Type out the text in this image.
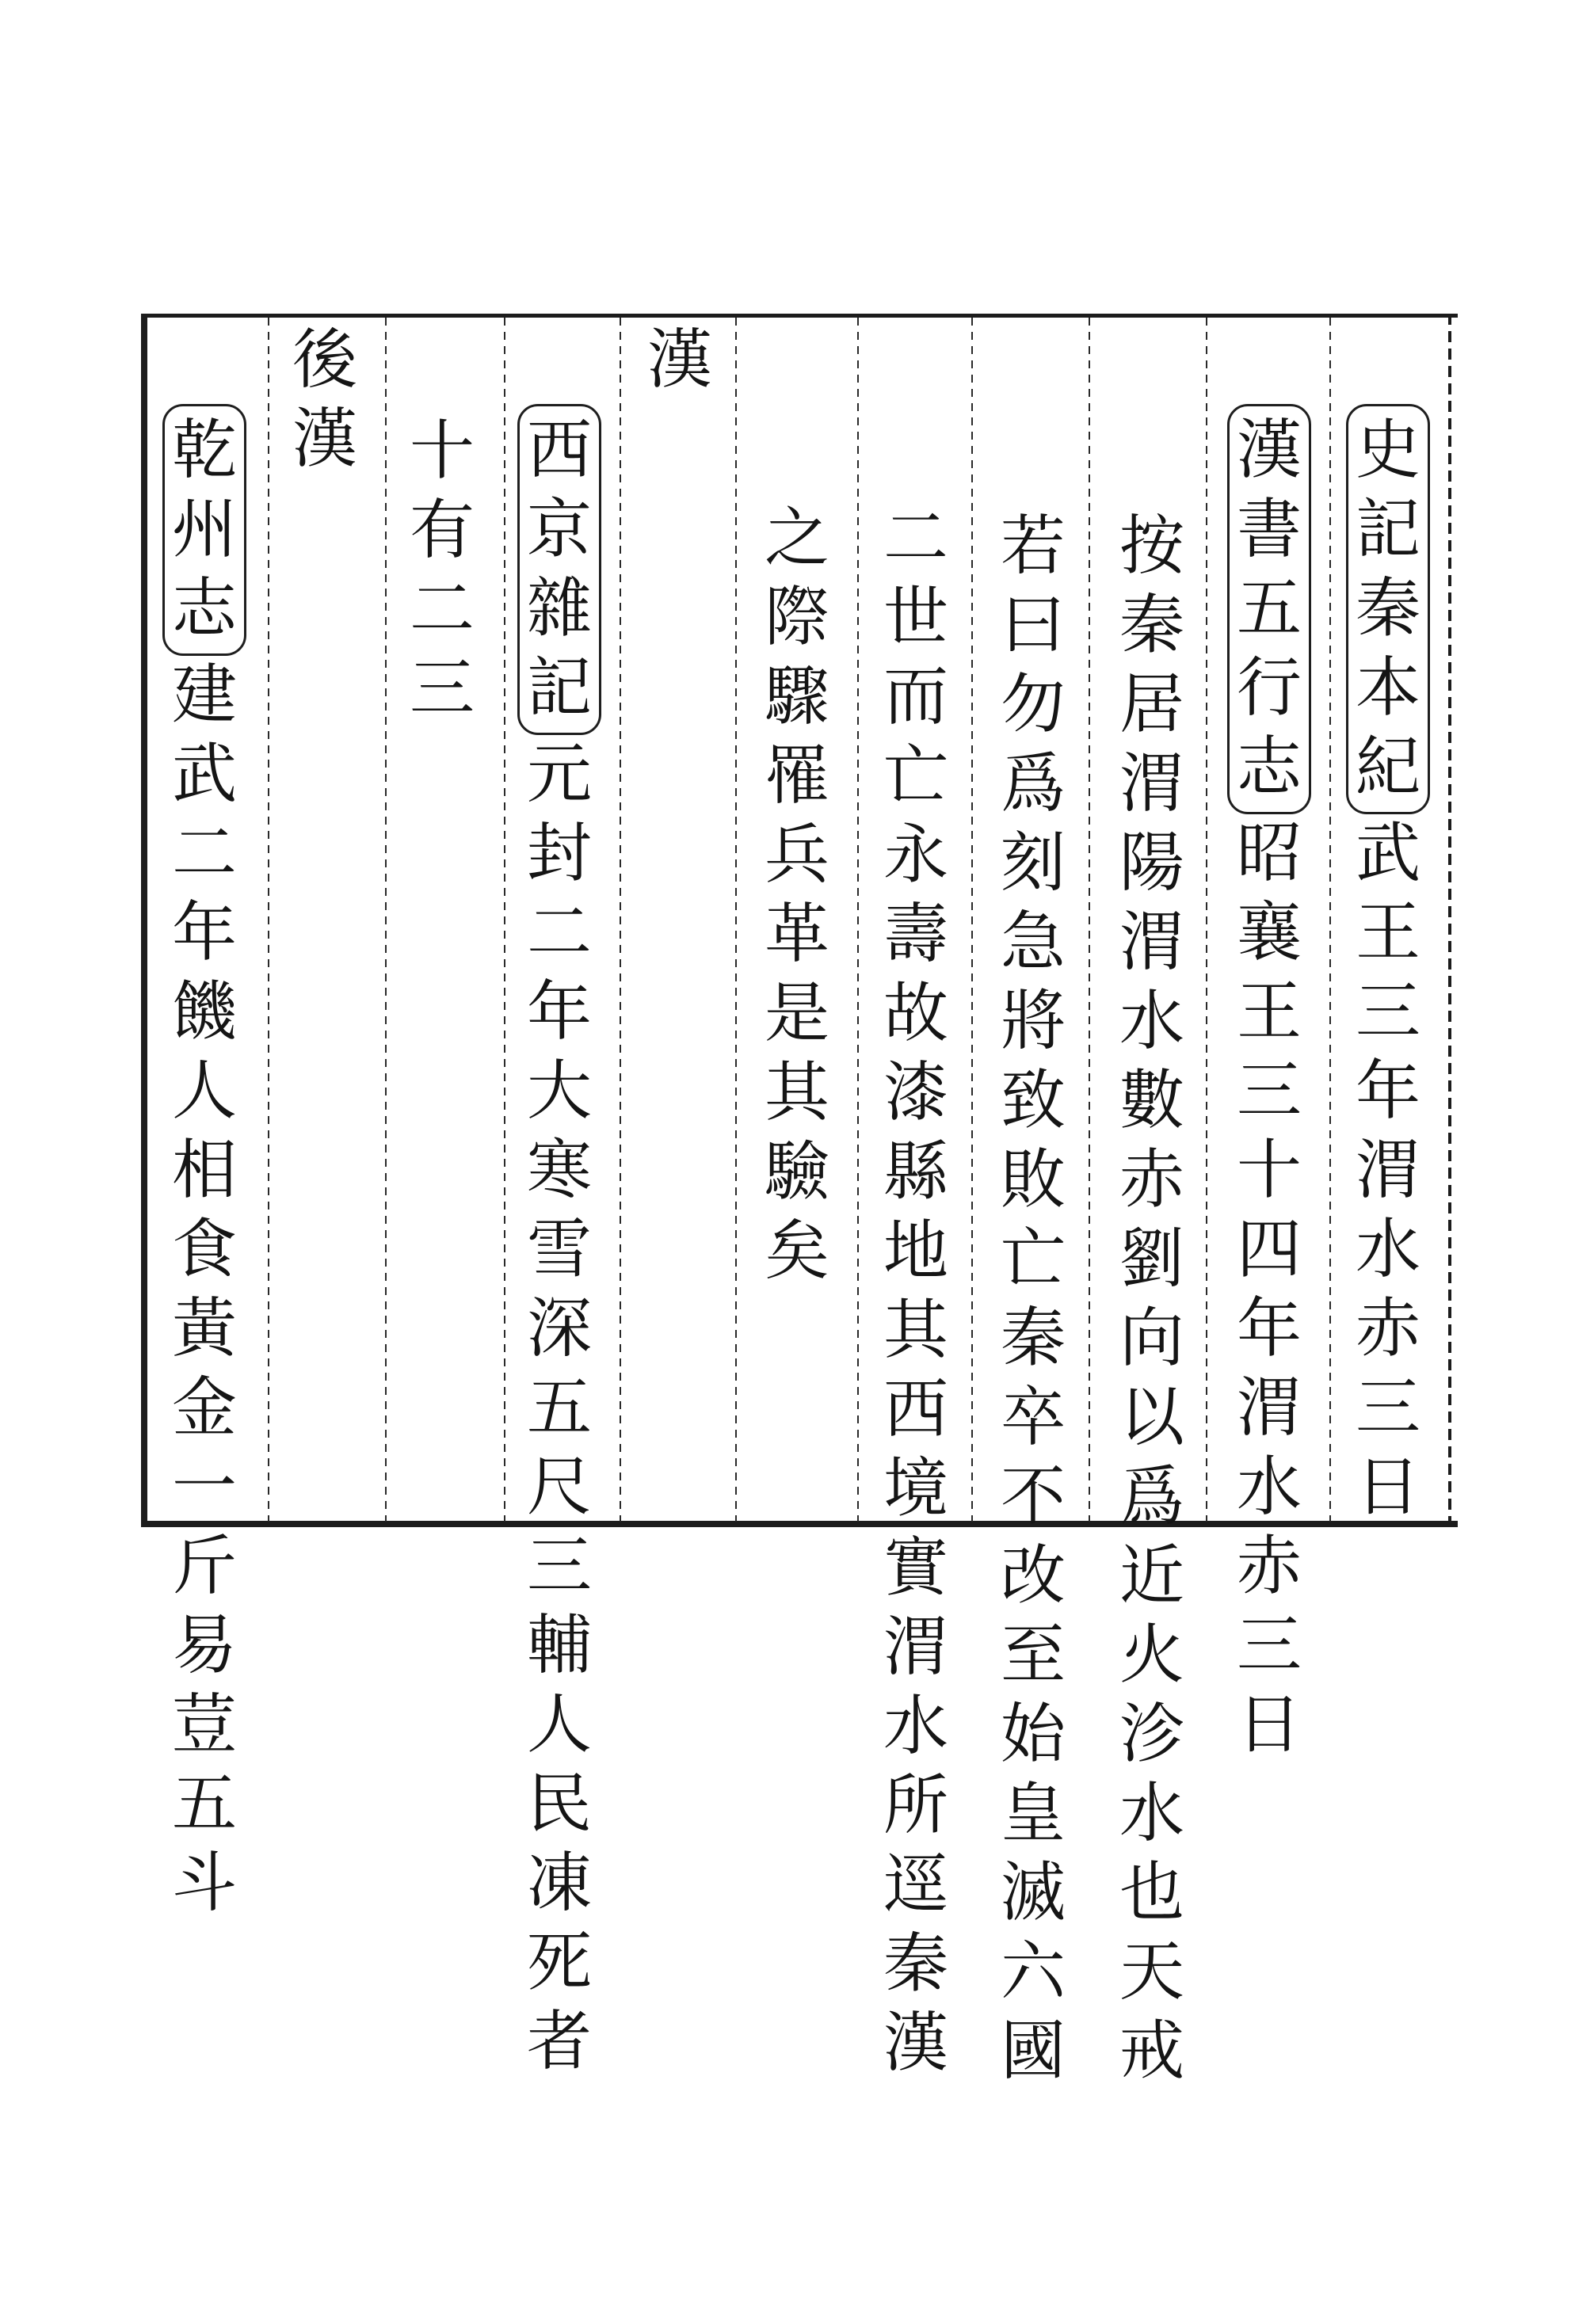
史
記
秦
本
紀
武
王
三
年
渭
水
赤
三
日
漢
書
五
行
志
昭
襄
王
三
十
四
年
渭
水
赤
三
日
按
秦
居
渭
陽
渭
水
數
赤
劉
向
以
爲
近
火
沴
水
也
天
戒
若
曰
勿
爲
刻
急
將
致
敗
亡
秦
卒
不
改
至
始
皇
滅
六
國
二
世
而
亡
永
壽
故
漆
縣
地
其
西
境
實
渭
水
所
逕
秦
漢
之
際
驟
罹
兵
革
是
其
驗
矣
漢
西
京
雜
記
元
封
二
年
大
寒
雪
深
五
尺
三
輔
人
民
凍
死
者
十
有
二
三
後
漢
乾
州
志
建
武
二
年
饑
人
相
食
黃
金
一
斤
易
荳
五
斗
